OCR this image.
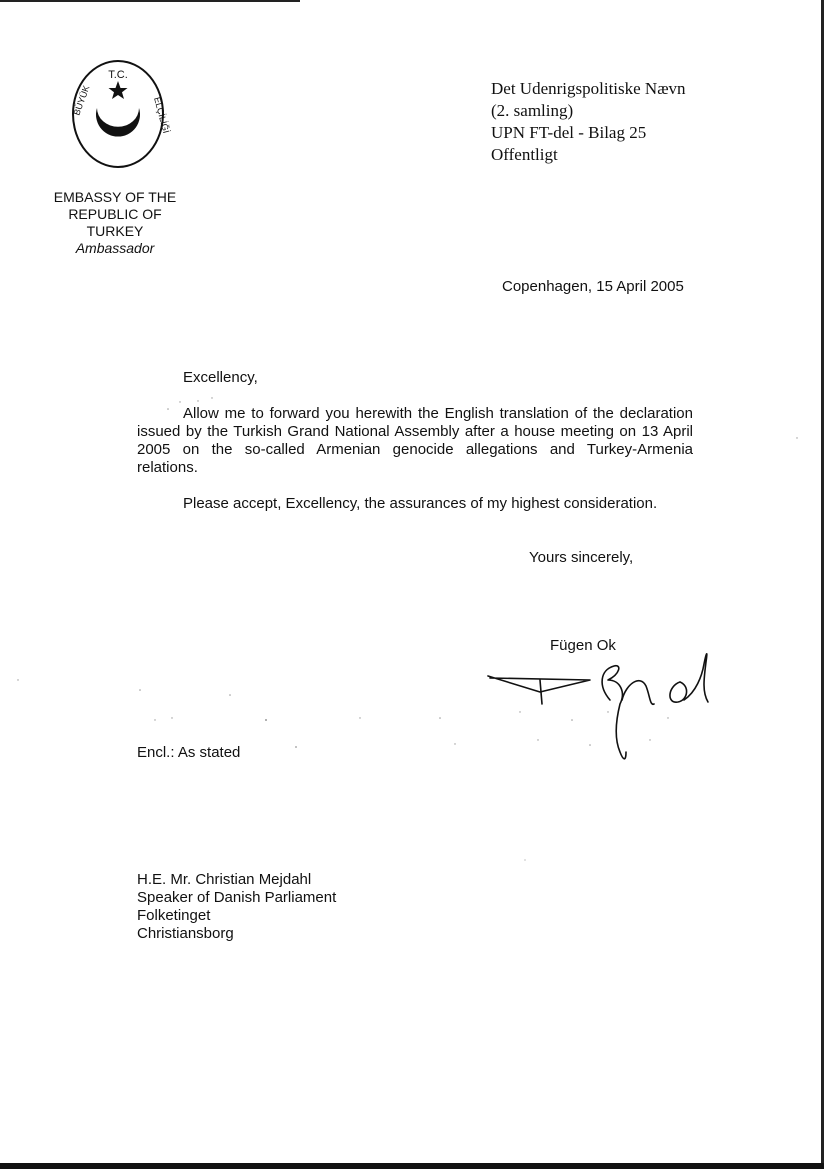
T.C.
BÜYÜK	ELÇİLİĞİ
EMBASSY OF THE
REPUBLIC OF TURKEY
Ambassador
Det Udenrigspolitiske Nævn
(2. samling)
UPN FT-del - Bilag 25
Offentligt
Copenhagen, 15 April 2005
Excellency,
Allow me to forward you herewith the English translation of the declaration issued by the Turkish Grand National Assembly after a house meeting on 13 April 2005 on the so-called Armenian genocide allegations and Turkey-Armenia relations.
Please accept, Excellency, the assurances of my highest consideration.
Yours sincerely,
Fügen Ok
Encl.: As stated
H.E. Mr. Christian Mejdahl
Speaker of Danish Parliament
Folketinget
Christiansborg
